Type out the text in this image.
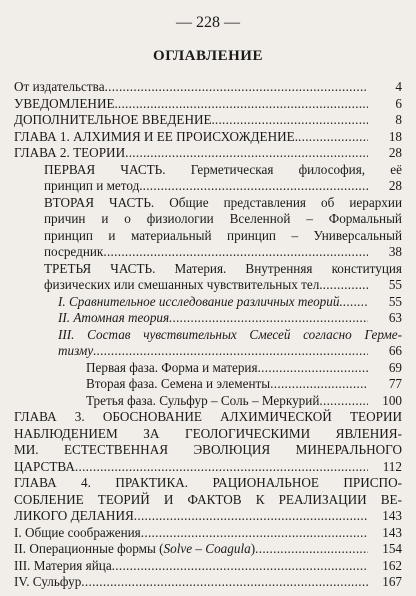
— 228 —
ОГЛАВЛЕНИЕ
От издательства .....	4
УВЕДОМЛЕНИЕ. .....	6
ДОПОЛНИТЕЛЬНОЕ ВВЕДЕНИЕ. .....	8
ГЛАВА 1. АЛХИМИЯ И ЕЕ ПРОИСХОЖДЕНИЕ. .....	18
ГЛАВА 2. ТЕОРИИ .....	28
ПЕРВАЯ ЧАСТЬ. Герметическая философия, её
принцип и метод. .....	28
ВТОРАЯ ЧАСТЬ. Общие представления об иерархии
причин и о физиологии Вселенной – Формальный
принцип и материальный принцип – Универсальный
посредник .....	38
ТРЕТЬЯ ЧАСТЬ. Материя. Внутренняя конституция
физических или смешанных чувствительных тел. .....	55
I. Сравнительное исследование различных теорий .....	55
II. Атомная теория .....	63
III. Состав чувствительных Смесей согласно Герме-
тизму .....	66
Первая фаза. Форма и материя .....	69
Вторая фаза. Семена и элементы .....	77
Третья фаза. Сульфур – Соль – Меркурий .....	100
ГЛАВА 3. ОБОСНОВАНИЕ АЛХИМИЧЕСКОЙ ТЕОРИИ
НАБЛЮДЕНИЕМ ЗА ГЕОЛОГИЧЕСКИМИ ЯВЛЕНИЯ-
МИ. ЕСТЕСТВЕННАЯ ЭВОЛЮЦИЯ МИНЕРАЛЬНОГО
ЦАРСТВА .....	112
ГЛАВА 4. ПРАКТИКА. РАЦИОНАЛЬНОЕ ПРИСПО-
СОБЛЕНИЕ ТЕОРИЙ И ФАКТОВ К РЕАЛИЗАЦИИ ВЕ-
ЛИКОГО ДЕЛАНИЯ .....	143
I. Общие соображения .....	143
II. Операционные формы (Solve – Coagula) .....	154
III. Материя яйца .....	162
IV. Сульфур .....	167
